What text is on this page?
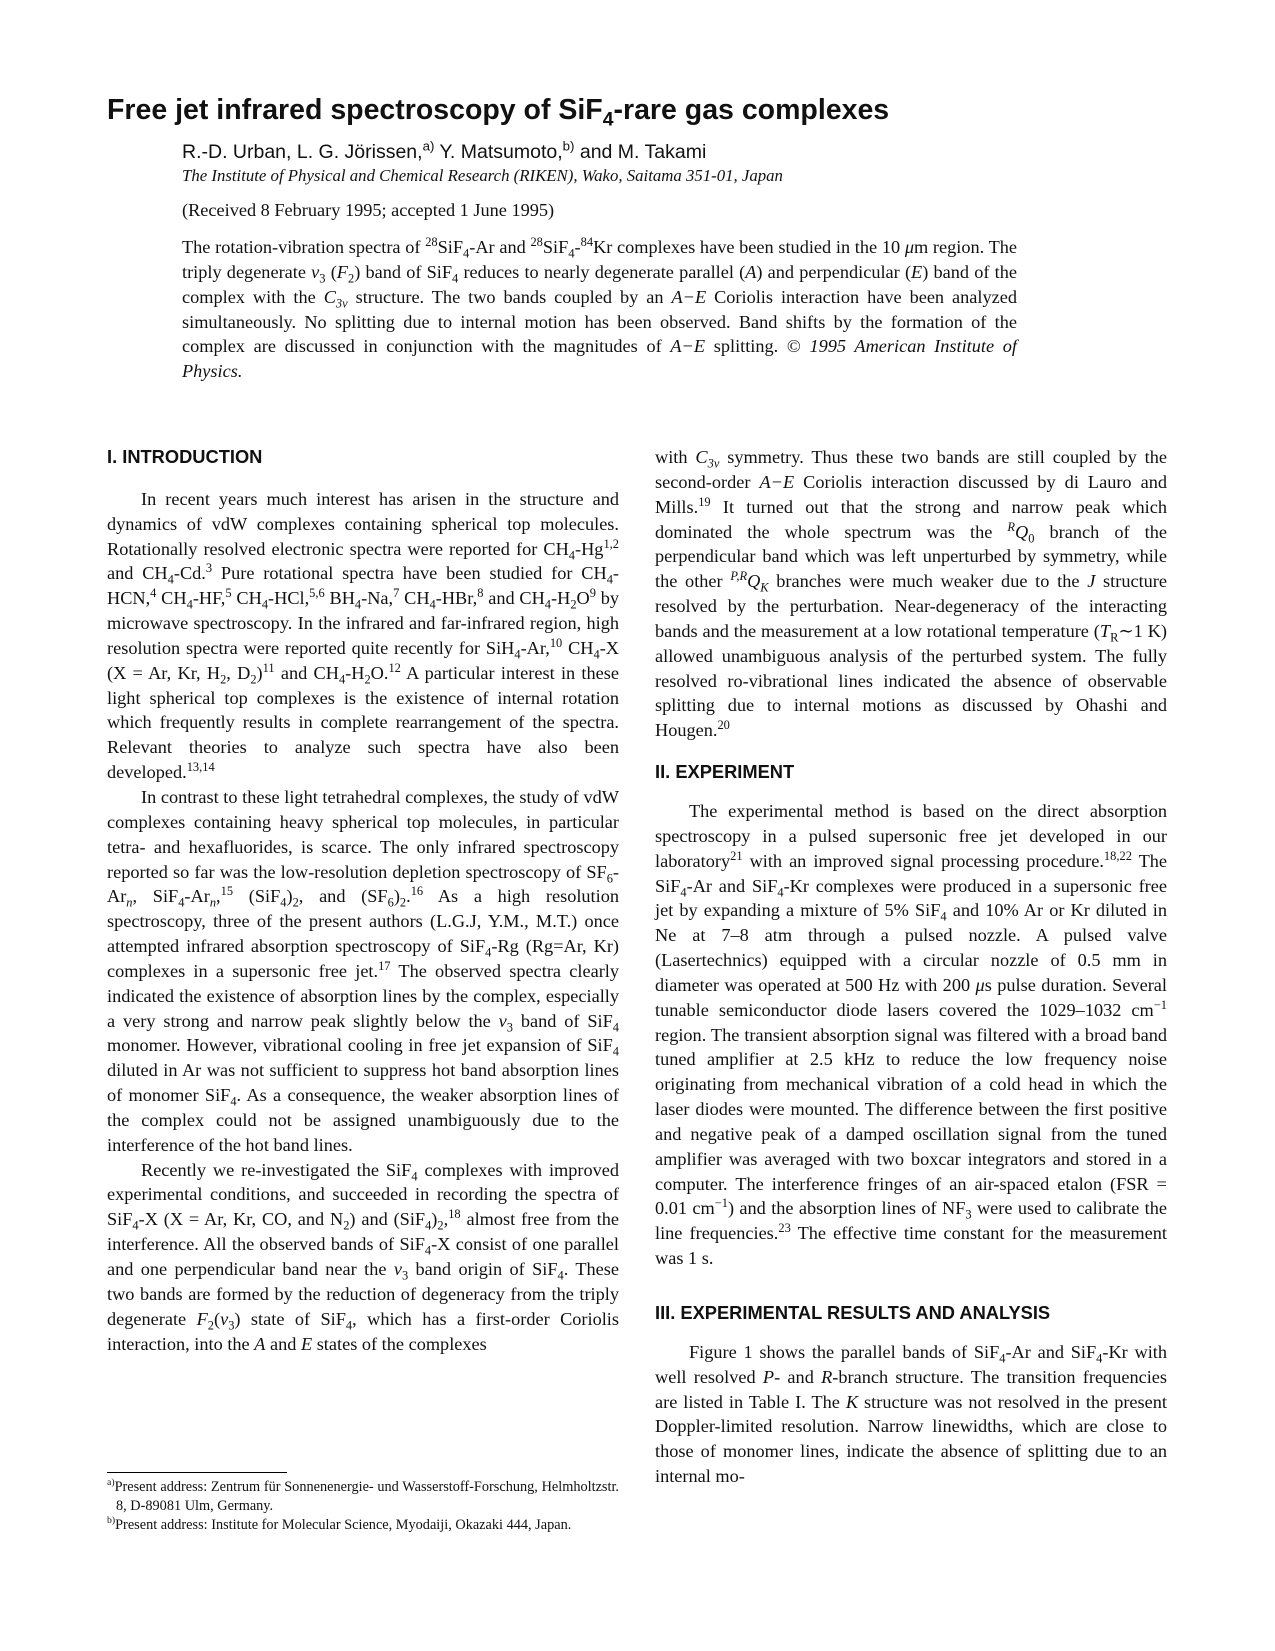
Free jet infrared spectroscopy of SiF$_4$-rare gas complexes
R.-D. Urban, L. G. Jörissen,$^{a)}$ Y. Matsumoto,$^{b)}$ and M. Takami
The Institute of Physical and Chemical Research (RIKEN), Wako, Saitama 351-01, Japan
(Received 8 February 1995; accepted 1 June 1995)

The rotation-vibration spectra of $^{28}$SiF$_4$-Ar and $^{28}$SiF$_4$-$^{84}$Kr complexes have been studied in the 10 μm region. The triply degenerate $\nu_3$ $(F_2)$ band of SiF$_4$ reduces to nearly degenerate parallel (A) and perpendicular (E) band of the complex with the $C_{3v}$ structure. The two bands coupled by an A−E Coriolis interaction have been analyzed simultaneously. No splitting due to internal motion has been observed. Band shifts by the formation of the complex are discussed in conjunction with the magnitudes of A−E splitting. © 1995 American Institute of Physics.

I. INTRODUCTION

In recent years much interest has arisen in the structure and dynamics of vdW complexes containing spherical top molecules. Rotationally resolved electronic spectra were reported for $CH_4-Hg^{1,2}$ and $CH_4-Cd.^3$ Pure rotational spectra have been studied for $CH_4-HCN,^4$ $CH_4-HF,^5$ $CH_4-HCl,^{5,6}$ $BH_4-Na,^7$ $CH_4-HBr,^8$ and $CH_4-H_2O^9$ by microwave spectroscopy. In the infrared and far-infrared region, high resolution spectra were reported quite recently for SiH$_4$-Ar,$^{10}$ $CH_4-X$ (X = Ar, Kr, $H_2$, $D_2)^{11}$ and $CH_4-H_2O.^{12}$ A particular interest in these light spherical top complexes is the existence of internal rotation which frequently results in complete rearrangement of the spectra. Relevant theories to analyze such spectra have also been developed.$^{13,14}$

In contrast to these light tetrahedral complexes, the study of vdW complexes containing heavy spherical top molecules, in particular tetra- and hexafluorides, is scarce. The only infrared spectroscopy reported so far was the low-resolution depletion spectroscopy of $SF_6-Ar_n$, $SiF_4-Ar_n,^{15}$ $(SiF_4)_2$, and $(SF_6)_2.^{16}$ As a high resolution spectroscopy, three of the present authors (L.G.J, Y.M., M.T.) once attempted infrared absorption spectroscopy of SiF$_4$-Rg (Rg=Ar, Kr) complexes in a supersonic free jet.$^{17}$ The observed spectra clearly indicated the existence of absorption lines by the complex, especially a very strong and narrow peak slightly below the $\nu_3$ band of SiF$_4$ monomer. However, vibrational cooling in free jet expansion of SiF$_4$ diluted in Ar was not sufficient to suppress hot band absorption lines of monomer SiF$_4$. As a consequence, the weaker absorption lines of the complex could not be assigned unambiguously due to the interference of the hot band lines.

Recently we re-investigated the SiF$_4$ complexes with improved experimental conditions, and succeeded in recording the spectra of SiF$_4$-X (X = Ar, Kr, CO, and $N_2$) and $(SiF_4)_2,^{18}$ almost free from the interference. All the observed bands of SiF$_4$-X consist of one parallel and one perpendicular band near the $\nu_3$ band origin of SiF$_4$. These two bands are formed by the reduction of degeneracy from the triply degenerate $F_2(\nu_3)$ state of SiF$_4$, which has a first-order Coriolis interaction, into the A and E states of the complexes

$^{a)}$Present address: Zentrum für Sonnenenergie- und Wasserstoff-Forschung, Helmholtzstr. 8, D-89081 Ulm, Germany.

$^{b)}$Present address: Institute for Molecular Science, Myodaiji, Okazaki 444, Japan.

with $C_{3v}$ symmetry. Thus these two bands are still coupled by the second-order A−E Coriolis interaction discussed by di Lauro and Mills.$^{19}$ It turned out that the strong and narrow peak which dominated the whole spectrum was the $^RQ_0$ branch of the perpendicular band which was left unperturbed by symmetry, while the other $^{P,R}Q_K$ branches were much weaker due to the J structure resolved by the perturbation. Near-degeneracy of the interacting bands and the measurement at a low rotational temperature ($T_R\sim 1$ K) allowed unambiguous analysis of the perturbed system. The fully resolved ro-vibrational lines indicated the absence of observable splitting due to internal motions as discussed by Ohashi and Hougen.$^{20}$

II. EXPERIMENT

The experimental method is based on the direct absorption spectroscopy in a pulsed supersonic free jet developed in our laboratory$^{21}$ with an improved signal processing procedure.$^{18,22}$ The SiF$_4$-Ar and SiF$_4$-Kr complexes were produced in a supersonic free jet by expanding a mixture of 5% SiF$_4$ and 10% Ar or Kr diluted in Ne at 7–8 atm through a pulsed nozzle. A pulsed valve (Lasertechnics) equipped with a circular nozzle of 0.5 mm in diameter was operated at 500 Hz with 200 μs pulse duration. Several tunable semiconductor diode lasers covered the 1029–1032 $cm^{-1}$ region. The transient absorption signal was filtered with a broad band tuned amplifier at 2.5 kHz to reduce the low frequency noise originating from mechanical vibration of a cold head in which the laser diodes were mounted. The difference between the first positive and negative peak of a damped oscillation signal from the tuned amplifier was averaged with two boxcar integrators and stored in a computer. The interference fringes of an air-spaced etalon (FSR = 0.01 $cm^{-1}$) and the absorption lines of $NF_3$ were used to calibrate the line frequencies.$^{23}$ The effective time constant for the measurement was 1 s.

III. EXPERIMENTAL RESULTS AND ANALYSIS

Figure 1 shows the parallel bands of SiF$_4$-Ar and SiF$_4$-Kr with well resolved P- and R-branch structure. The transition frequencies are listed in Table I. The K structure was not resolved in the present Doppler-limited resolution. Narrow linewidths, which are close to those of monomer lines, indicate the absence of splitting due to an internal mo-
